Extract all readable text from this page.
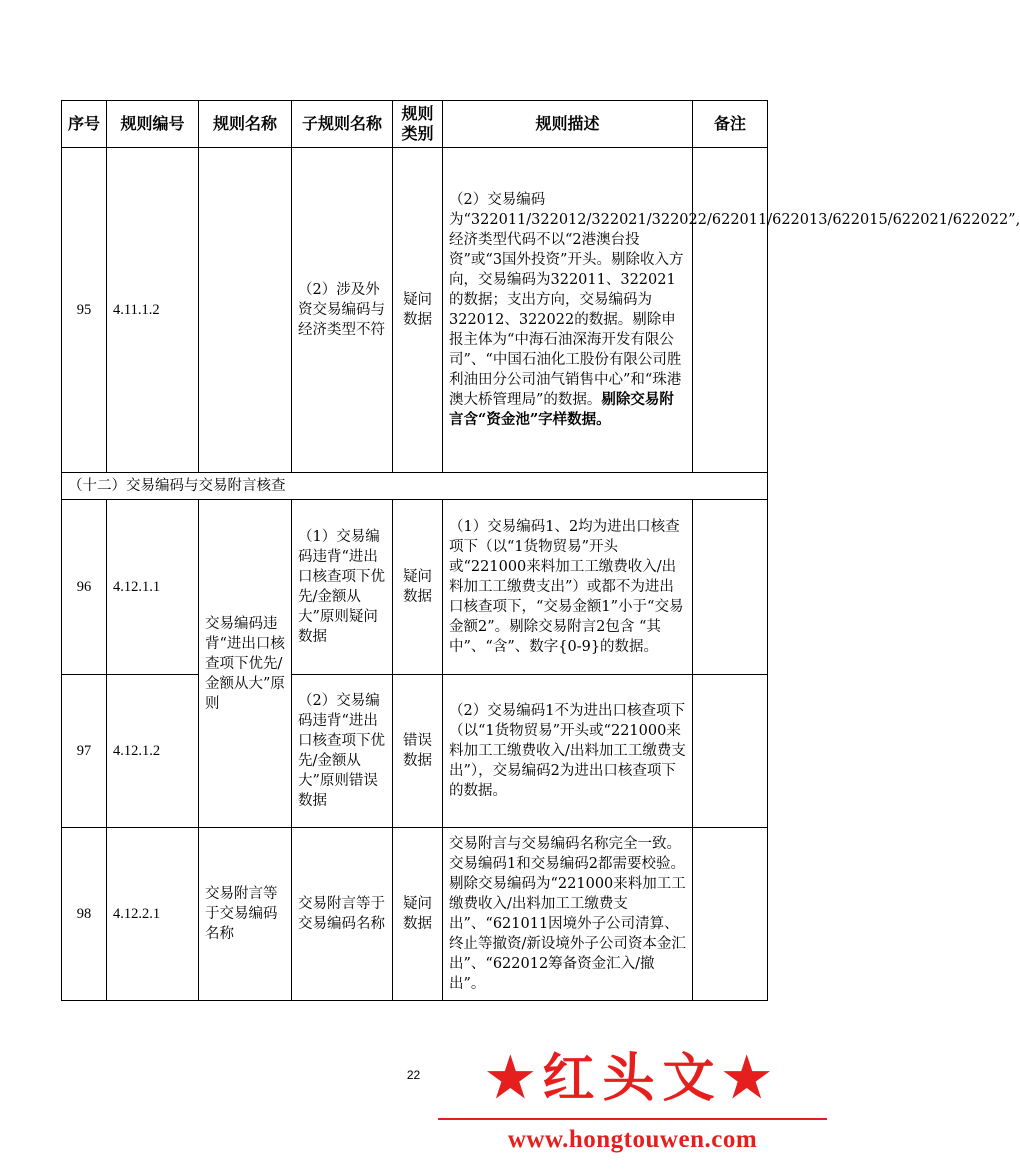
序号	规则编号	规则名称	子规则名称	规则类别	规则描述	备注
95	4.11.1.2		（2）涉及外资交易编码与经济类型不符	疑问数据	（2）交易编码为“322011/322012/322021/322022/622011/622013/622015/622021/622022”,经济类型代码不以“2港澳台投资”或“3国外投资”开头。剔除收入方向，交易编码为322011、322021的数据；支出方向，交易编码为322012、322022的数据。剔除申报主体为“中海石油深海开发有限公司”、“中国石油化工股份有限公司胜利油田分公司油气销售中心”和“珠港澳大桥管理局”的数据。剔除交易附言含“资金池”字样数据。	
（十二）交易编码与交易附言核查						
96	4.12.1.1	交易编码违背“进出口核查项下优先/金额从大”原则	（1）交易编码违背“进出口核查项下优先/金额从大”原则疑问数据	疑问数据	（1）交易编码1、2均为进出口核查项下（以“1货物贸易”开头或“221000来料加工工缴费收入/出料加工工缴费支出”）或都不为进出口核查项下，“交易金额1”小于“交易金额2”。剔除交易附言2包含 “其中”、“含”、数字{0-9}的数据。	
97	4.12.1.2		（2）交易编码违背“进出口核查项下优先/金额从大”原则错误数据	错误数据	（2）交易编码1不为进出口核查项下（以“1货物贸易”开头或“221000来料加工工缴费收入/出料加工工缴费支出”），交易编码2为进出口核查项下的数据。	
98	4.12.2.1	交易附言等于交易编码名称	交易附言等于交易编码名称	疑问数据	交易附言与交易编码名称完全一致。交易编码1和交易编码2都需要校验。剔除交易编码为“221000来料加工工缴费收入/出料加工工缴费支出”、“621011因境外子公司清算、终止等撤资/新设境外子公司资本金汇出”、“622012筹备资金汇入/撤出”。	
22	★红头文★
www.hongtouwen.com
